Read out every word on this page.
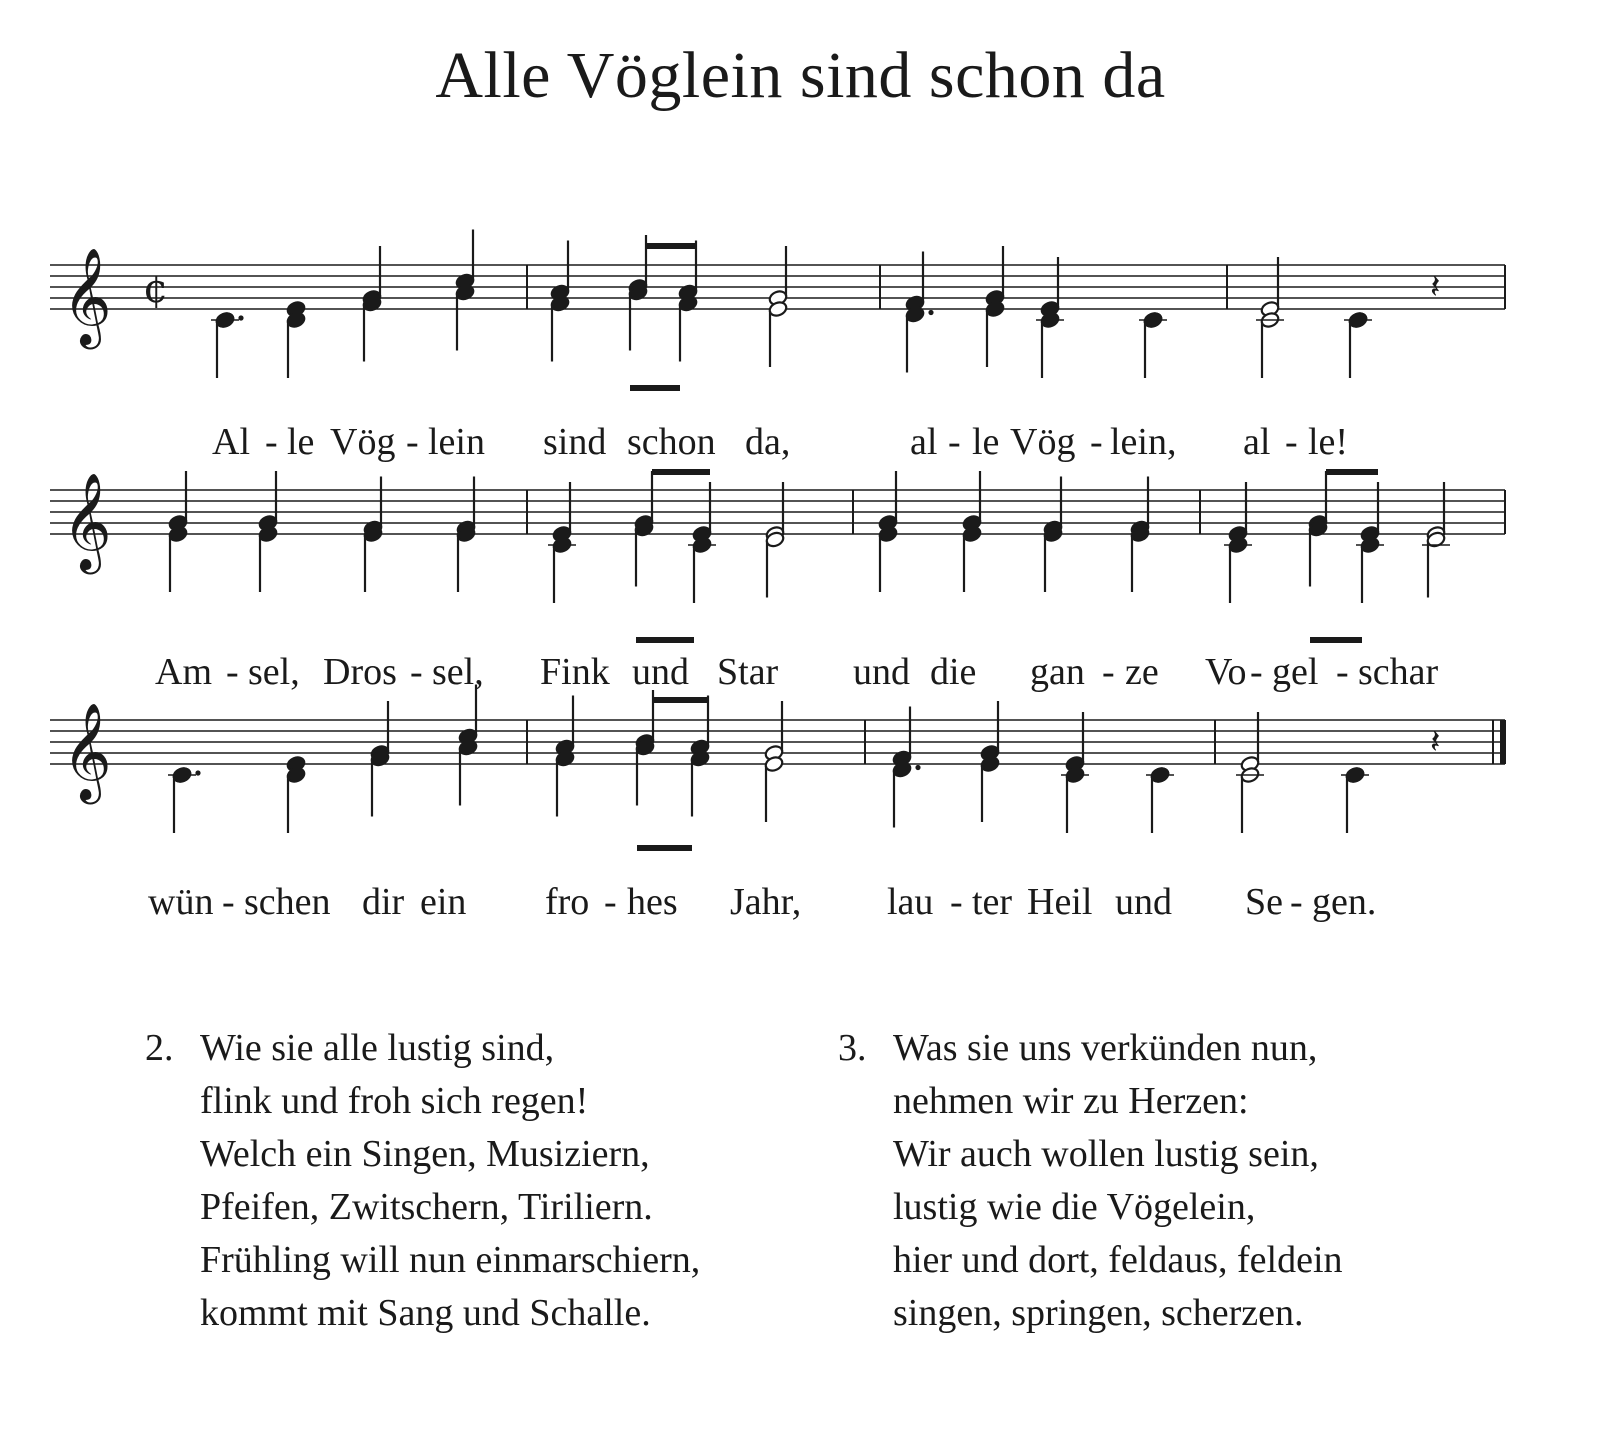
𝄞 ¢	𝄽
𝄞
𝄞	𝄽
Alle Vöglein sind schon da
Al - le Vög - lein sind schon da,	al - le Vög - lein, al - le!
Am - sel, Dros - sel, Fink und Star und die gan - ze Vo - gel - schar
wün - schen dir ein fro - hes Jahr, lau - ter Heil und Se - gen.
2. Wie sie alle lustig sind,
flink und froh sich regen!
Welch ein Singen, Musiziern,
Pfeifen, Zwitschern, Tiriliern.
Frühling will nun einmarschiern,
kommt mit Sang und Schalle.
3. Was sie uns verkünden nun,
nehmen wir zu Herzen:
Wir auch wollen lustig sein,
lustig wie die Vögelein,
hier und dort, feldaus, feldein
singen, springen, scherzen.
